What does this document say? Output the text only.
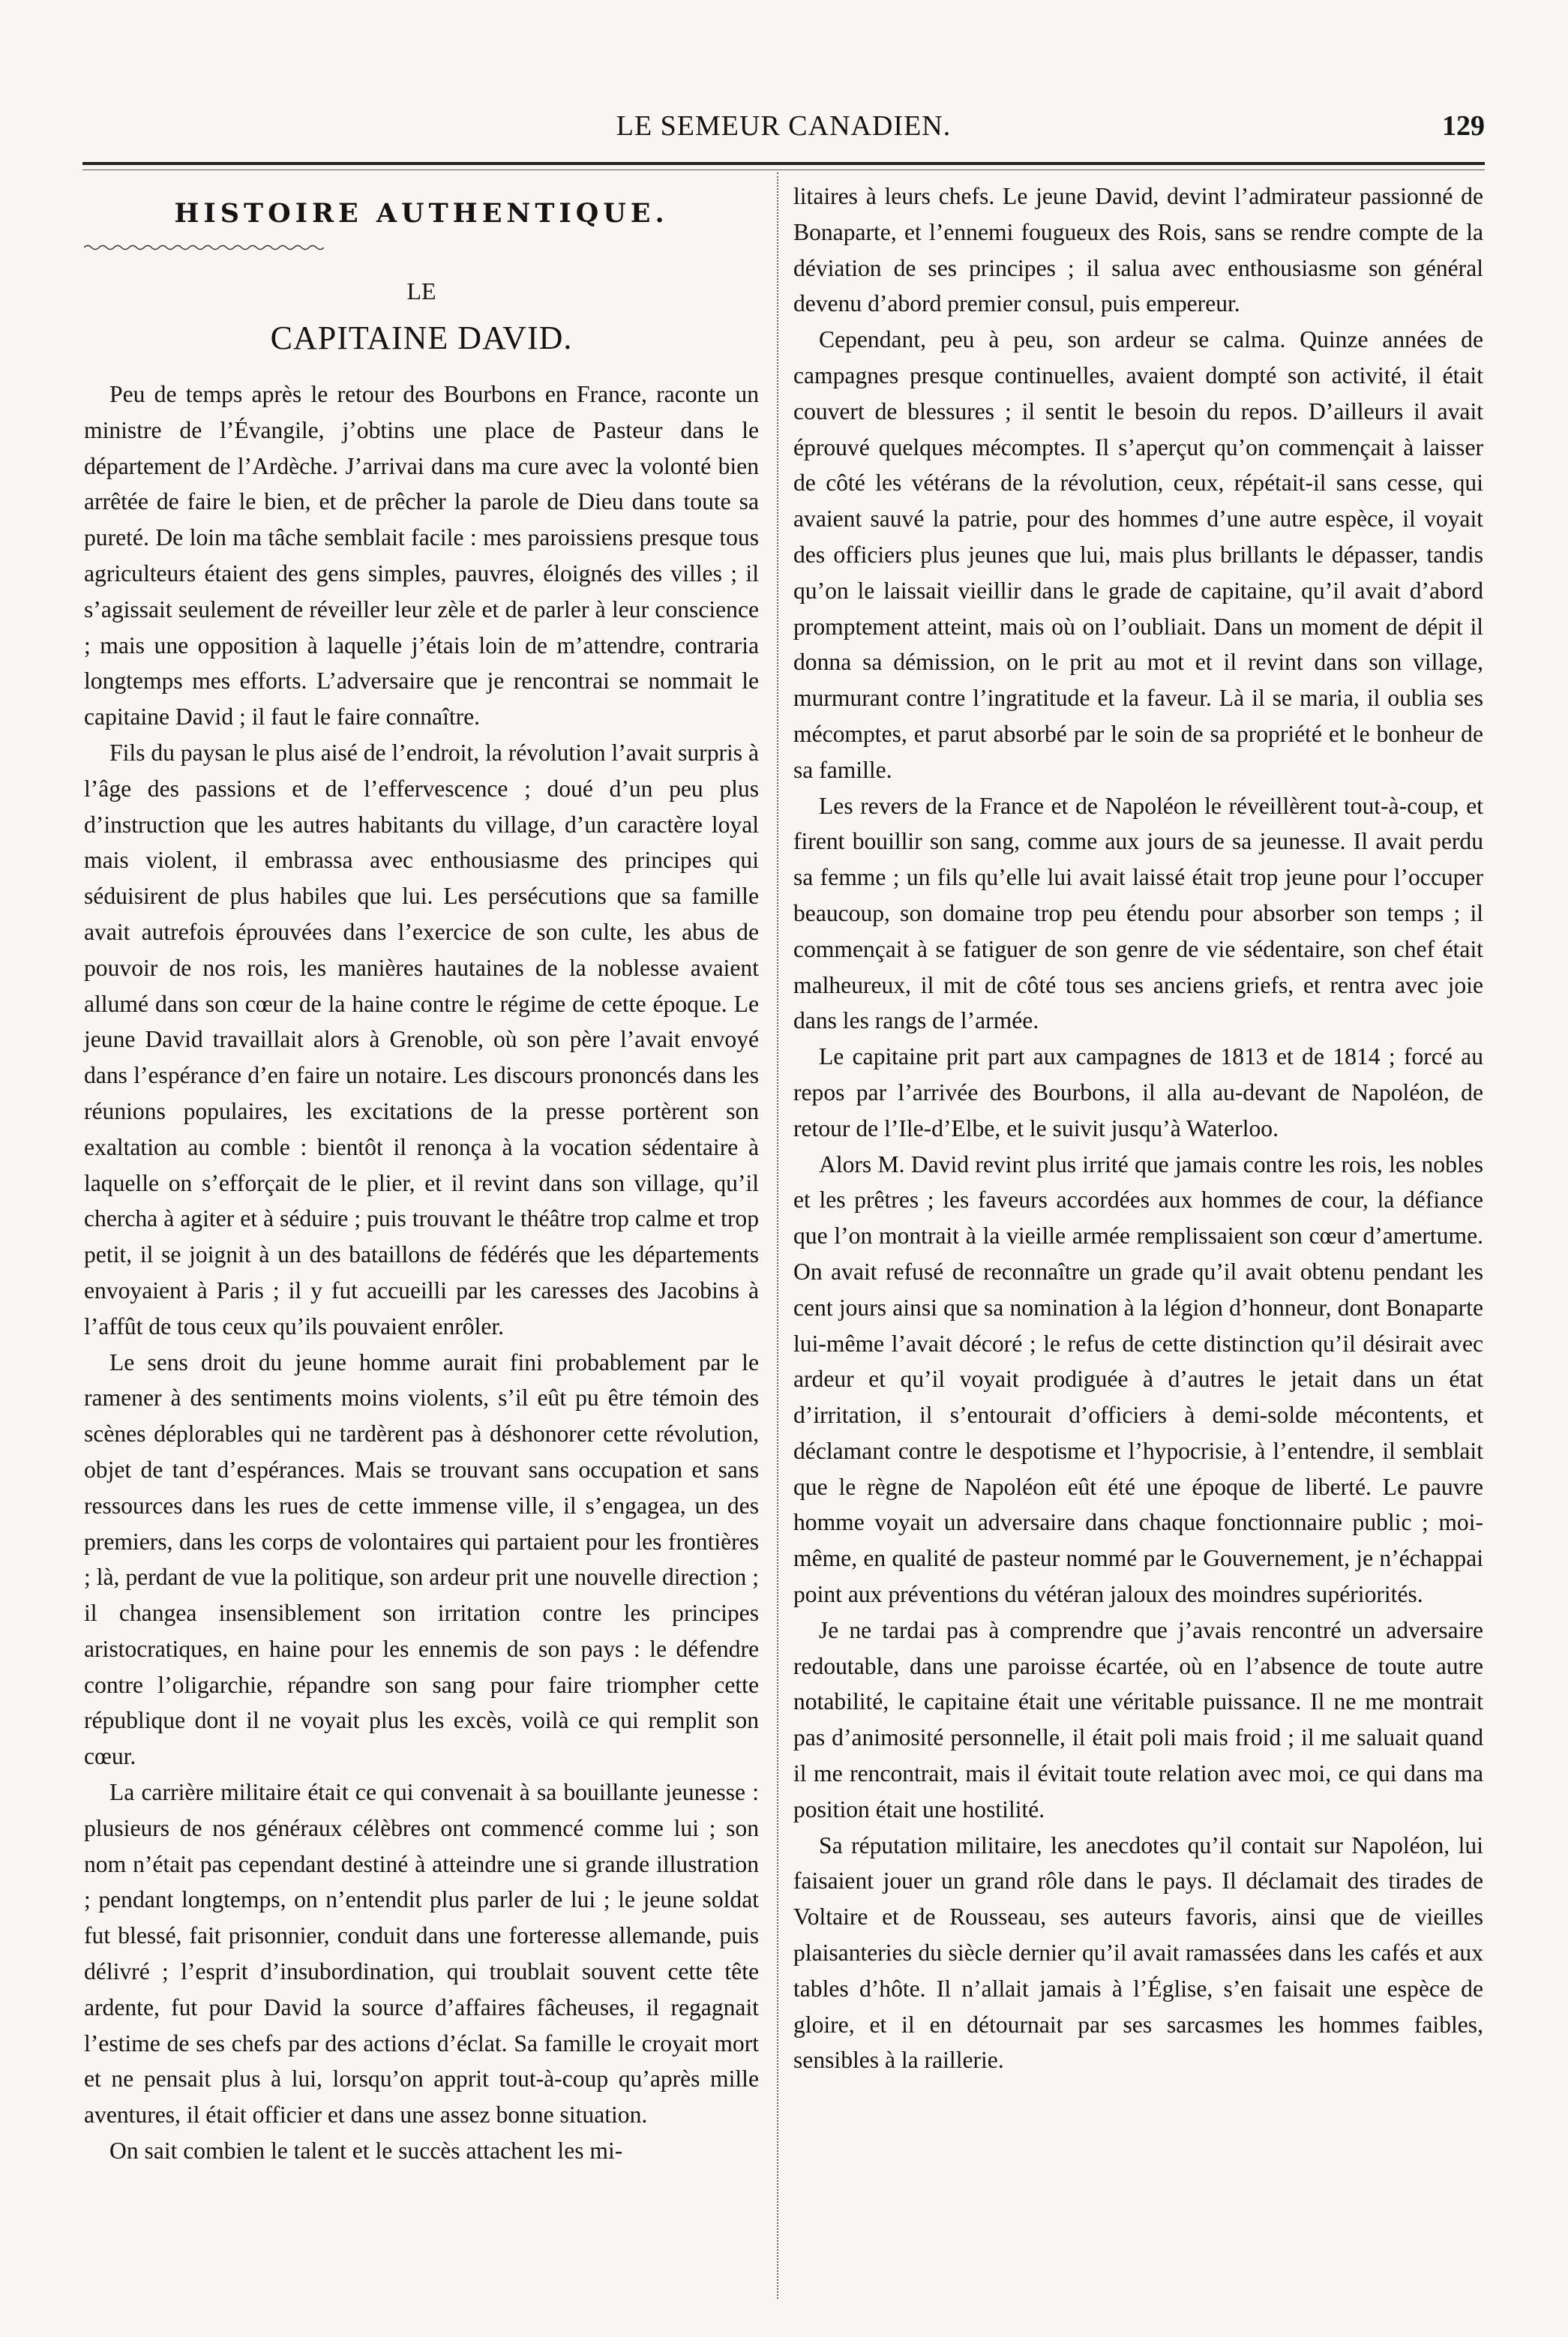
LE SEMEUR CANADIEN.	129
HISTOIRE AUTHENTIQUE.
LE
CAPITAINE DAVID.

Peu de temps après le retour des Bourbons en France, raconte un ministre de l’Évangile, j’obtins une place de Pasteur dans le département de l’Ardèche. J’arrivai dans ma cure avec la volonté bien arrêtée de faire le bien, et de prêcher la parole de Dieu dans toute sa pureté. De loin ma tâche semblait facile : mes paroissiens presque tous agriculteurs étaient des gens simples, pauvres, éloignés des villes ; il s’agissait seulement de réveiller leur zèle et de parler à leur conscience ; mais une opposition à laquelle j’étais loin de m’attendre, contraria longtemps mes efforts. L’adversaire que je rencontrai se nommait le capitaine David ; il faut le faire connaître.

Fils du paysan le plus aisé de l’endroit, la révolution l’avait surpris à l’âge des passions et de l’effervescence ; doué d’un peu plus d’instruction que les autres habitants du village, d’un caractère loyal mais violent, il embrassa avec enthousiasme des principes qui séduisirent de plus habiles que lui. Les persécutions que sa famille avait autrefois éprouvées dans l’exercice de son culte, les abus de pouvoir de nos rois, les manières hautaines de la noblesse avaient allumé dans son cœur de la haine contre le régime de cette époque. Le jeune David travaillait alors à Grenoble, où son père l’avait envoyé dans l’espérance d’en faire un notaire. Les discours prononcés dans les réunions populaires, les excitations de la presse portèrent son exaltation au comble : bientôt il renonça à la vocation sédentaire à laquelle on s’efforçait de le plier, et il revint dans son village, qu’il chercha à agiter et à séduire ; puis trouvant le théâtre trop calme et trop petit, il se joignit à un des bataillons de fédérés que les départements envoyaient à Paris ; il y fut accueilli par les caresses des Jacobins à l’affût de tous ceux qu’ils pouvaient enrôler.

Le sens droit du jeune homme aurait fini probablement par le ramener à des sentiments moins violents, s’il eût pu être témoin des scènes déplorables qui ne tardèrent pas à déshonorer cette révolution, objet de tant d’espérances. Mais se trouvant sans occupation et sans ressources dans les rues de cette immense ville, il s’engagea, un des premiers, dans les corps de volontaires qui partaient pour les frontières ; là, perdant de vue la politique, son ardeur prit une nouvelle direction ; il changea insensiblement son irritation contre les principes aristocratiques, en haine pour les ennemis de son pays : le défendre contre l’oligarchie, répandre son sang pour faire triompher cette république dont il ne voyait plus les excès, voilà ce qui remplit son cœur.

La carrière militaire était ce qui convenait à sa bouillante jeunesse : plusieurs de nos généraux célèbres ont commencé comme lui ; son nom n’était pas cependant destiné à atteindre une si grande illustration ; pendant longtemps, on n’entendit plus parler de lui ; le jeune soldat fut blessé, fait prisonnier, conduit dans une forteresse allemande, puis délivré ; l’esprit d’insubordination, qui troublait souvent cette tête ardente, fut pour David la source d’affaires fâcheuses, il regagnait l’estime de ses chefs par des actions d’éclat. Sa famille le croyait mort et ne pensait plus à lui, lorsqu’on apprit tout-à-coup qu’après mille aventures, il était officier et dans une assez bonne situation.

On sait combien le talent et le succès attachent les mi-

litaires à leurs chefs. Le jeune David, devint l’admirateur passionné de Bonaparte, et l’ennemi fougueux des Rois, sans se rendre compte de la déviation de ses principes ; il salua avec enthousiasme son général devenu d’abord premier consul, puis empereur.

Cependant, peu à peu, son ardeur se calma. Quinze années de campagnes presque continuelles, avaient dompté son activité, il était couvert de blessures ; il sentit le besoin du repos. D’ailleurs il avait éprouvé quelques mécomptes. Il s’aperçut qu’on commençait à laisser de côté les vétérans de la révolution, ceux, répétait-il sans cesse, qui avaient sauvé la patrie, pour des hommes d’une autre espèce, il voyait des officiers plus jeunes que lui, mais plus brillants le dépasser, tandis qu’on le laissait vieillir dans le grade de capitaine, qu’il avait d’abord promptement atteint, mais où on l’oubliait. Dans un moment de dépit il donna sa démission, on le prit au mot et il revint dans son village, murmurant contre l’ingratitude et la faveur. Là il se maria, il oublia ses mécomptes, et parut absorbé par le soin de sa propriété et le bonheur de sa famille.

Les revers de la France et de Napoléon le réveillèrent tout-à-coup, et firent bouillir son sang, comme aux jours de sa jeunesse. Il avait perdu sa femme ; un fils qu’elle lui avait laissé était trop jeune pour l’occuper beaucoup, son domaine trop peu étendu pour absorber son temps ; il commençait à se fatiguer de son genre de vie sédentaire, son chef était malheureux, il mit de côté tous ses anciens griefs, et rentra avec joie dans les rangs de l’armée.

Le capitaine prit part aux campagnes de 1813 et de 1814 ; forcé au repos par l’arrivée des Bourbons, il alla au-devant de Napoléon, de retour de l’Ile-d’Elbe, et le suivit jusqu’à Waterloo.

Alors M. David revint plus irrité que jamais contre les rois, les nobles et les prêtres ; les faveurs accordées aux hommes de cour, la défiance que l’on montrait à la vieille armée remplissaient son cœur d’amertume. On avait refusé de reconnaître un grade qu’il avait obtenu pendant les cent jours ainsi que sa nomination à la légion d’honneur, dont Bonaparte lui-même l’avait décoré ; le refus de cette distinction qu’il désirait avec ardeur et qu’il voyait prodiguée à d’autres le jetait dans un état d’irritation, il s’entourait d’officiers à demi-solde mécontents, et déclamant contre le despotisme et l’hypocrisie, à l’entendre, il semblait que le règne de Napoléon eût été une époque de liberté. Le pauvre homme voyait un adversaire dans chaque fonctionnaire public ; moi-même, en qualité de pasteur nommé par le Gouvernement, je n’échappai point aux préventions du vétéran jaloux des moindres supériorités.

Je ne tardai pas à comprendre que j’avais rencontré un adversaire redoutable, dans une paroisse écartée, où en l’absence de toute autre notabilité, le capitaine était une véritable puissance. Il ne me montrait pas d’animosité personnelle, il était poli mais froid ; il me saluait quand il me rencontrait, mais il évitait toute relation avec moi, ce qui dans ma position était une hostilité.

Sa réputation militaire, les anecdotes qu’il contait sur Napoléon, lui faisaient jouer un grand rôle dans le pays. Il déclamait des tirades de Voltaire et de Rousseau, ses auteurs favoris, ainsi que de vieilles plaisanteries du siècle dernier qu’il avait ramassées dans les cafés et aux tables d’hôte. Il n’allait jamais à l’Église, s’en faisait une espèce de gloire, et il en détournait par ses sarcasmes les hommes faibles, sensibles à la raillerie.
